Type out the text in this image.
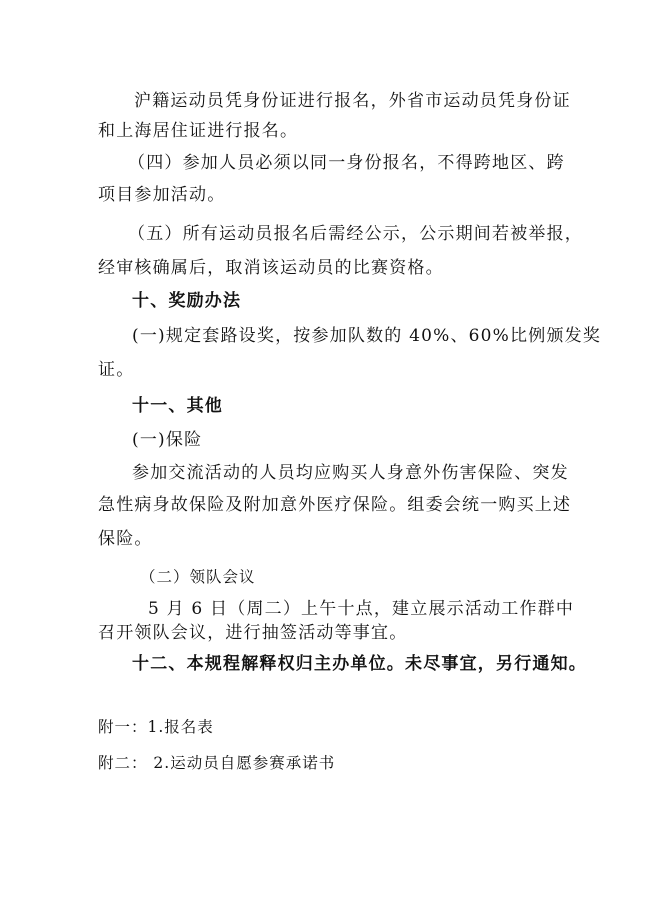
沪籍运动员凭身份证进行报名，外省市运动员凭身份证
和上海居住证进行报名。
（四）参加人员必须以同一身份报名，不得跨地区、跨
项目参加活动。
（五）所有运动员报名后需经公示，公示期间若被举报，
经审核确属后，取消该运动员的比赛资格。
十、奖励办法
(一)规定套路设奖，按参加队数的 40%、60%比例颁发奖
证。
十一、其他
(一)保险
参加交流活动的人员均应购买人身意外伤害保险、突发
急性病身故保险及附加意外医疗保险。组委会统一购买上述
保险。
（二）领队会议
5 月 6 日（周二）上午十点，建立展示活动工作群中
召开领队会议，进行抽签活动等事宜。
十二、本规程解释权归主办单位。未尽事宜，另行通知。
附一：1.报名表
附二： 2.运动员自愿参赛承诺书
